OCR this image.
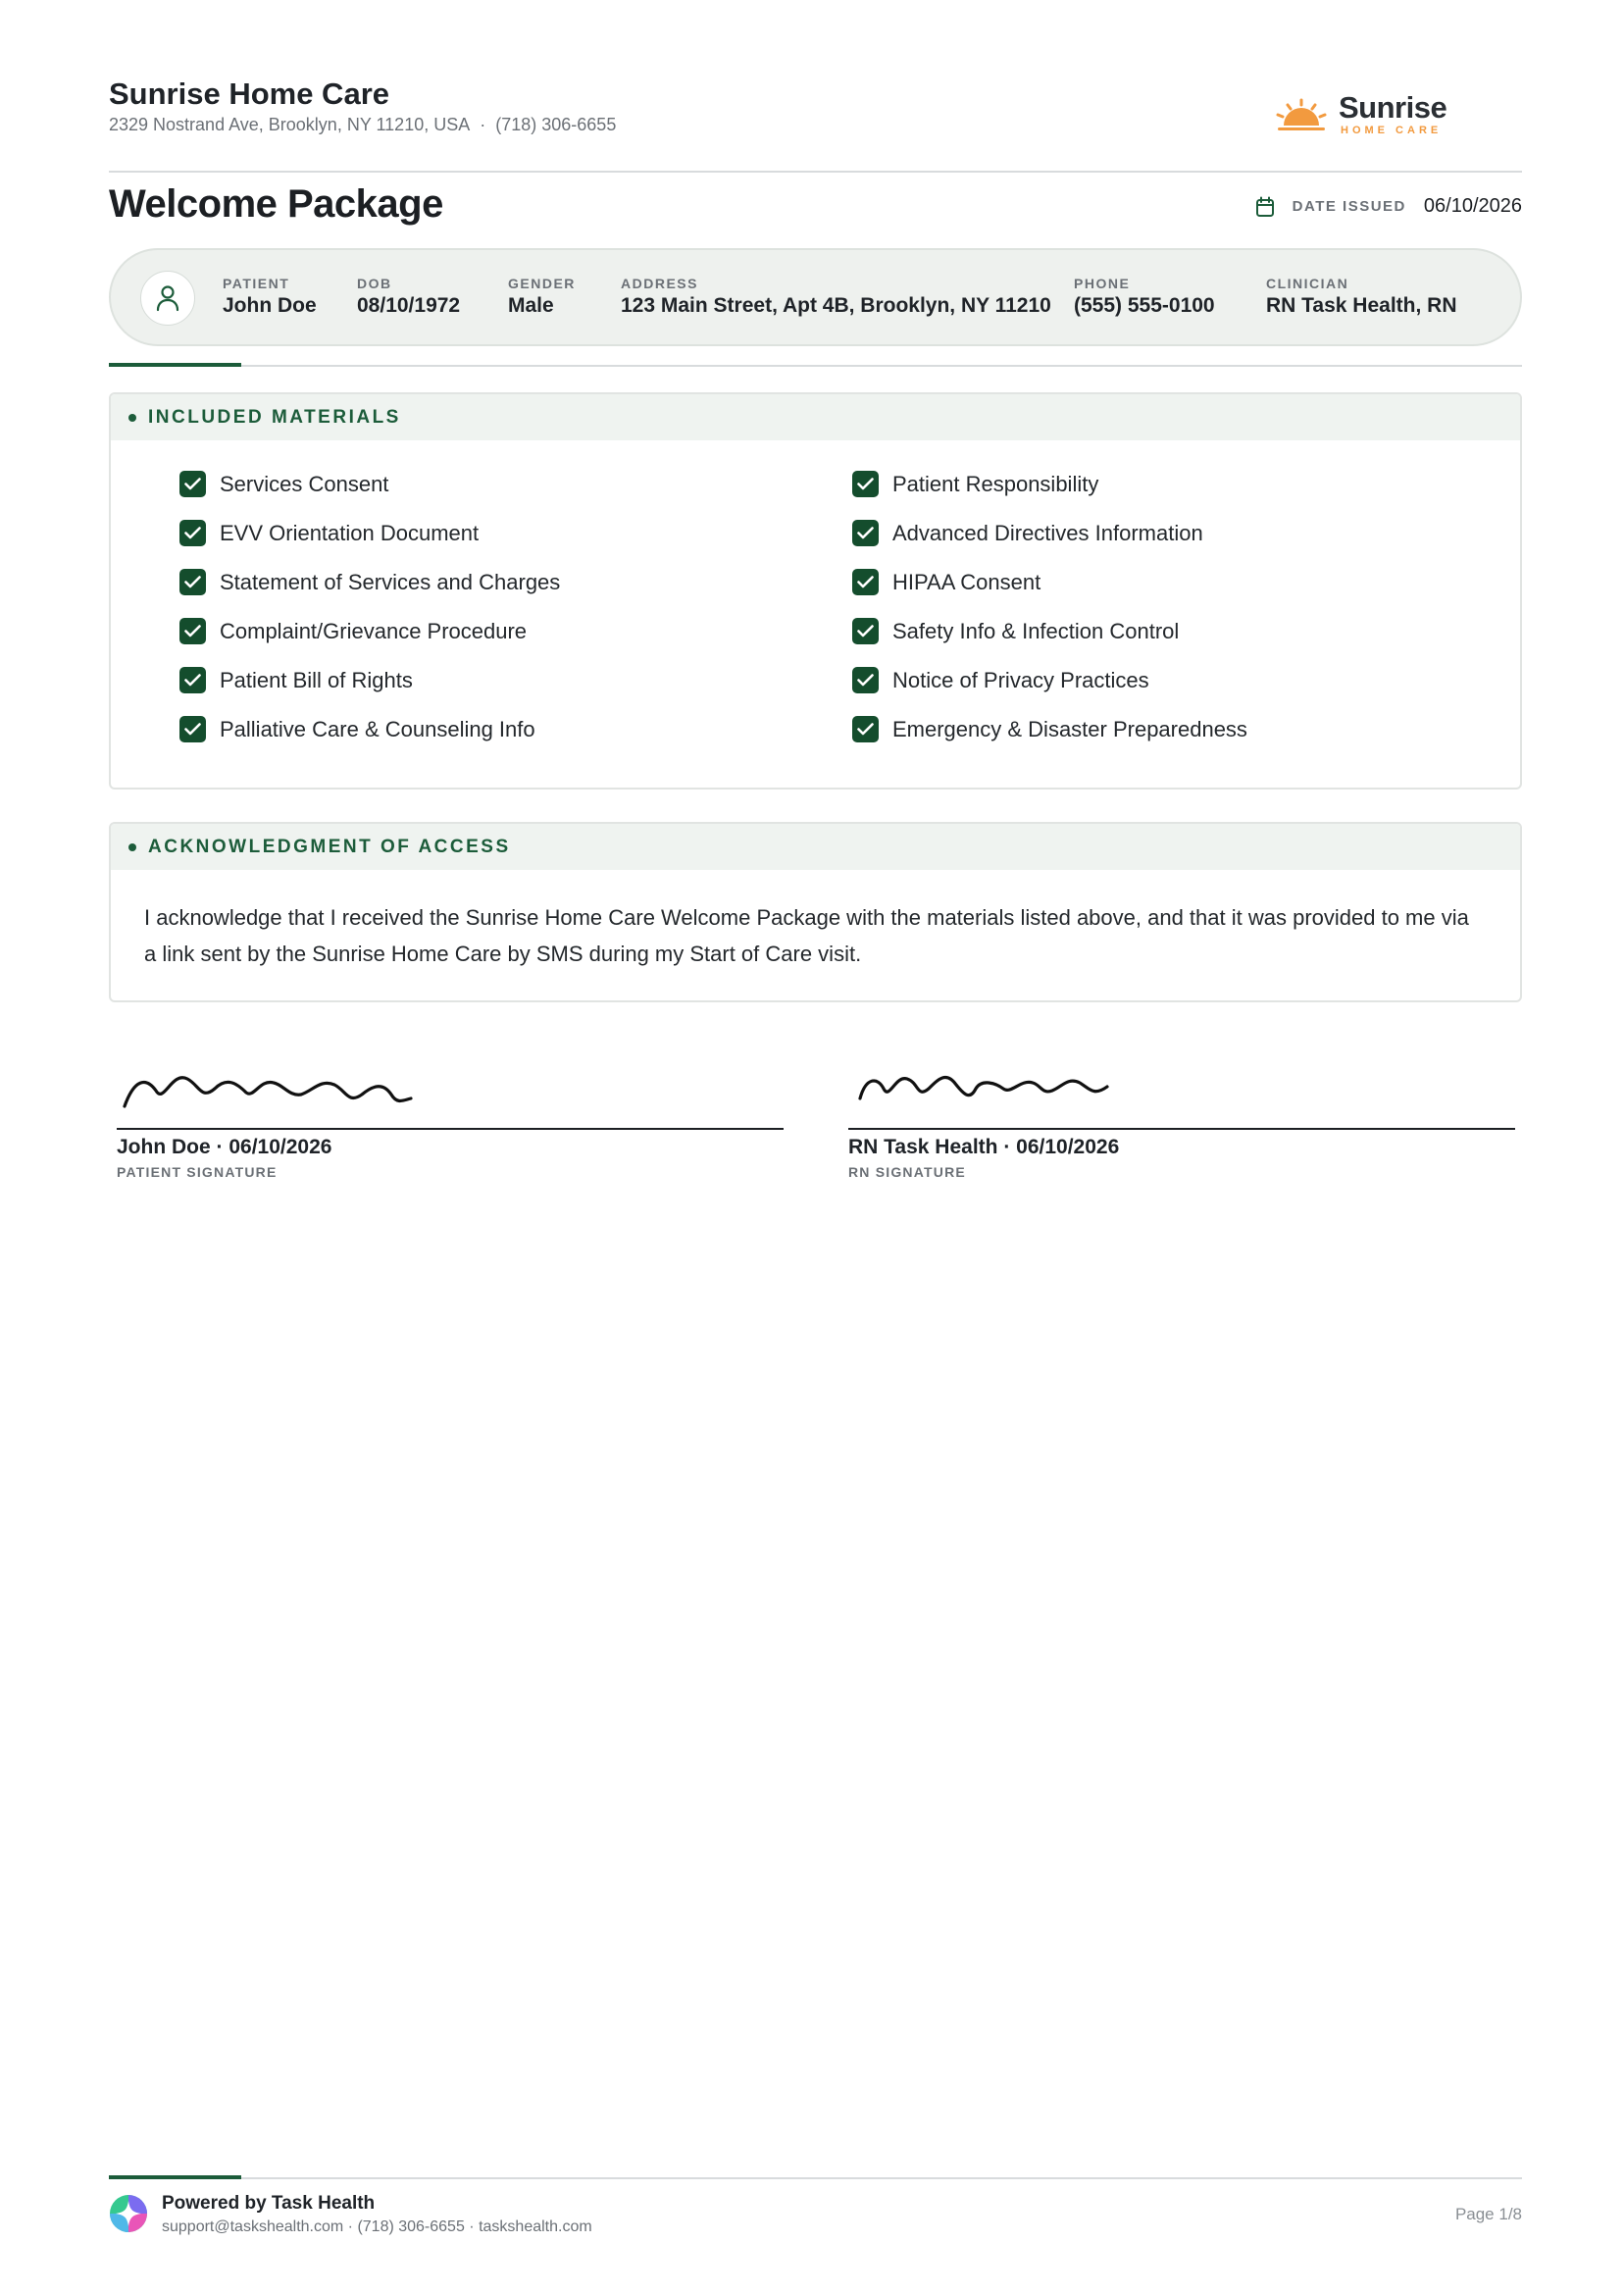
Sunrise Home Care
2329 Nostrand Ave, Brooklyn, NY 11210, USA · (718) 306-6655	Sunrise
HOME CARE
Welcome Package	DATE ISSUED 06/10/2026
PATIENT
John Doe
DOB
08/10/1972
GENDER
Male
ADDRESS
123 Main Street, Apt 4B, Brooklyn, NY 11210
PHONE
(555) 555-0100
CLINICIAN
RN Task Health, RN
INCLUDED MATERIALS
Services Consent
EVV Orientation Document
Statement of Services and Charges
Complaint/Grievance Procedure
Patient Bill of Rights
Palliative Care & Counseling Info
Patient Responsibility
Advanced Directives Information
HIPAA Consent
Safety Info & Infection Control
Notice of Privacy Practices
Emergency & Disaster Preparedness
ACKNOWLEDGMENT OF ACCESS
I acknowledge that I received the Sunrise Home Care Welcome Package with the materials listed above, and that it was provided to me via a link sent by the Sunrise Home Care by SMS during my Start of Care visit.
John Doe · 06/10/2026
PATIENT SIGNATURE
RN Task Health · 06/10/2026
RN SIGNATURE
Powered by Task Health
support@taskshealth.com · (718) 306-6655 · taskshealth.com
Page 1/8
